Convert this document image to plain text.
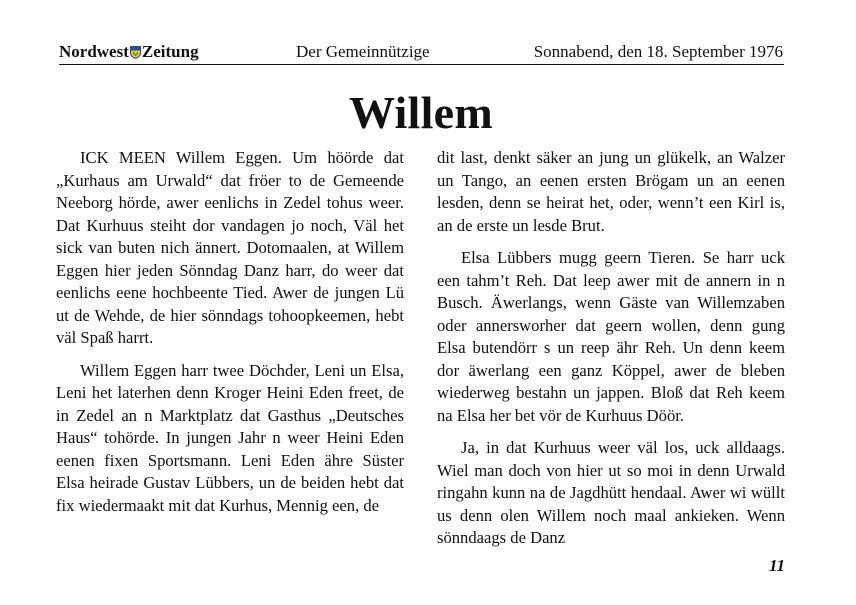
Nordwest Zeitung	Der Gemeinnützige	Sonnabend, den 18. September 1976
Willem

ICK MEEN Willem Eggen. Um höörde dat „Kurhaus am Urwald“ dat fröer to de Gemeende Neeborg hörde, awer eenlichs in Zedel tohus weer. Dat Kurhuus steiht dor vandagen jo noch, Väl het sick van buten nich ännert. Dotomaalen, at Willem Eggen hier jeden Sönndag Danz harr, do weer dat eenlichs eene hochbeente Tied. Awer de jungen Lü ut de Wehde, de hier sönndags tohoopkeemen, hebt väl Spaß harrt.

Willem Eggen harr twee Döchder, Leni un Elsa, Leni het laterhen denn Kroger Heini Eden freet, de in Zedel an n Marktplatz dat Gasthus „Deutsches Haus“ tohörde. In jungen Jahr n weer Heini Eden eenen fixen Sportsmann. Leni Eden ähre Süster Elsa heirade Gustav Lübbers, un de beiden hebt dat fix wiedermaakt mit dat Kurhus, Mennig een, de

dit last, denkt säker an jung un glükelk, an Walzer un Tango, an eenen ersten Brögam un an eenen lesden, denn se heirat het, oder, wenn’t een Kirl is, an de erste un lesde Brut.

Elsa Lübbers mugg geern Tieren. Se harr uck een tahm’t Reh. Dat leep awer mit de annern in n Busch. Äwerlangs, wenn Gäste van Willemzaben oder annersworher dat geern wollen, denn gung Elsa butendörr s un reep ähr Reh. Un denn keem dor äwerlang een ganz Köppel, awer de bleben wiederweg bestahn un jappen. Bloß dat Reh keem na Elsa her bet vör de Kurhuus Döör.

Ja, in dat Kurhuus weer väl los, uck alldaags. Wiel man doch von hier ut so moi in denn Urwald ringahn kunn na de Jagdhütt hendaal. Awer wi wüllt us denn olen Willem noch maal ankieken. Wenn sönndaags de Danz

11
